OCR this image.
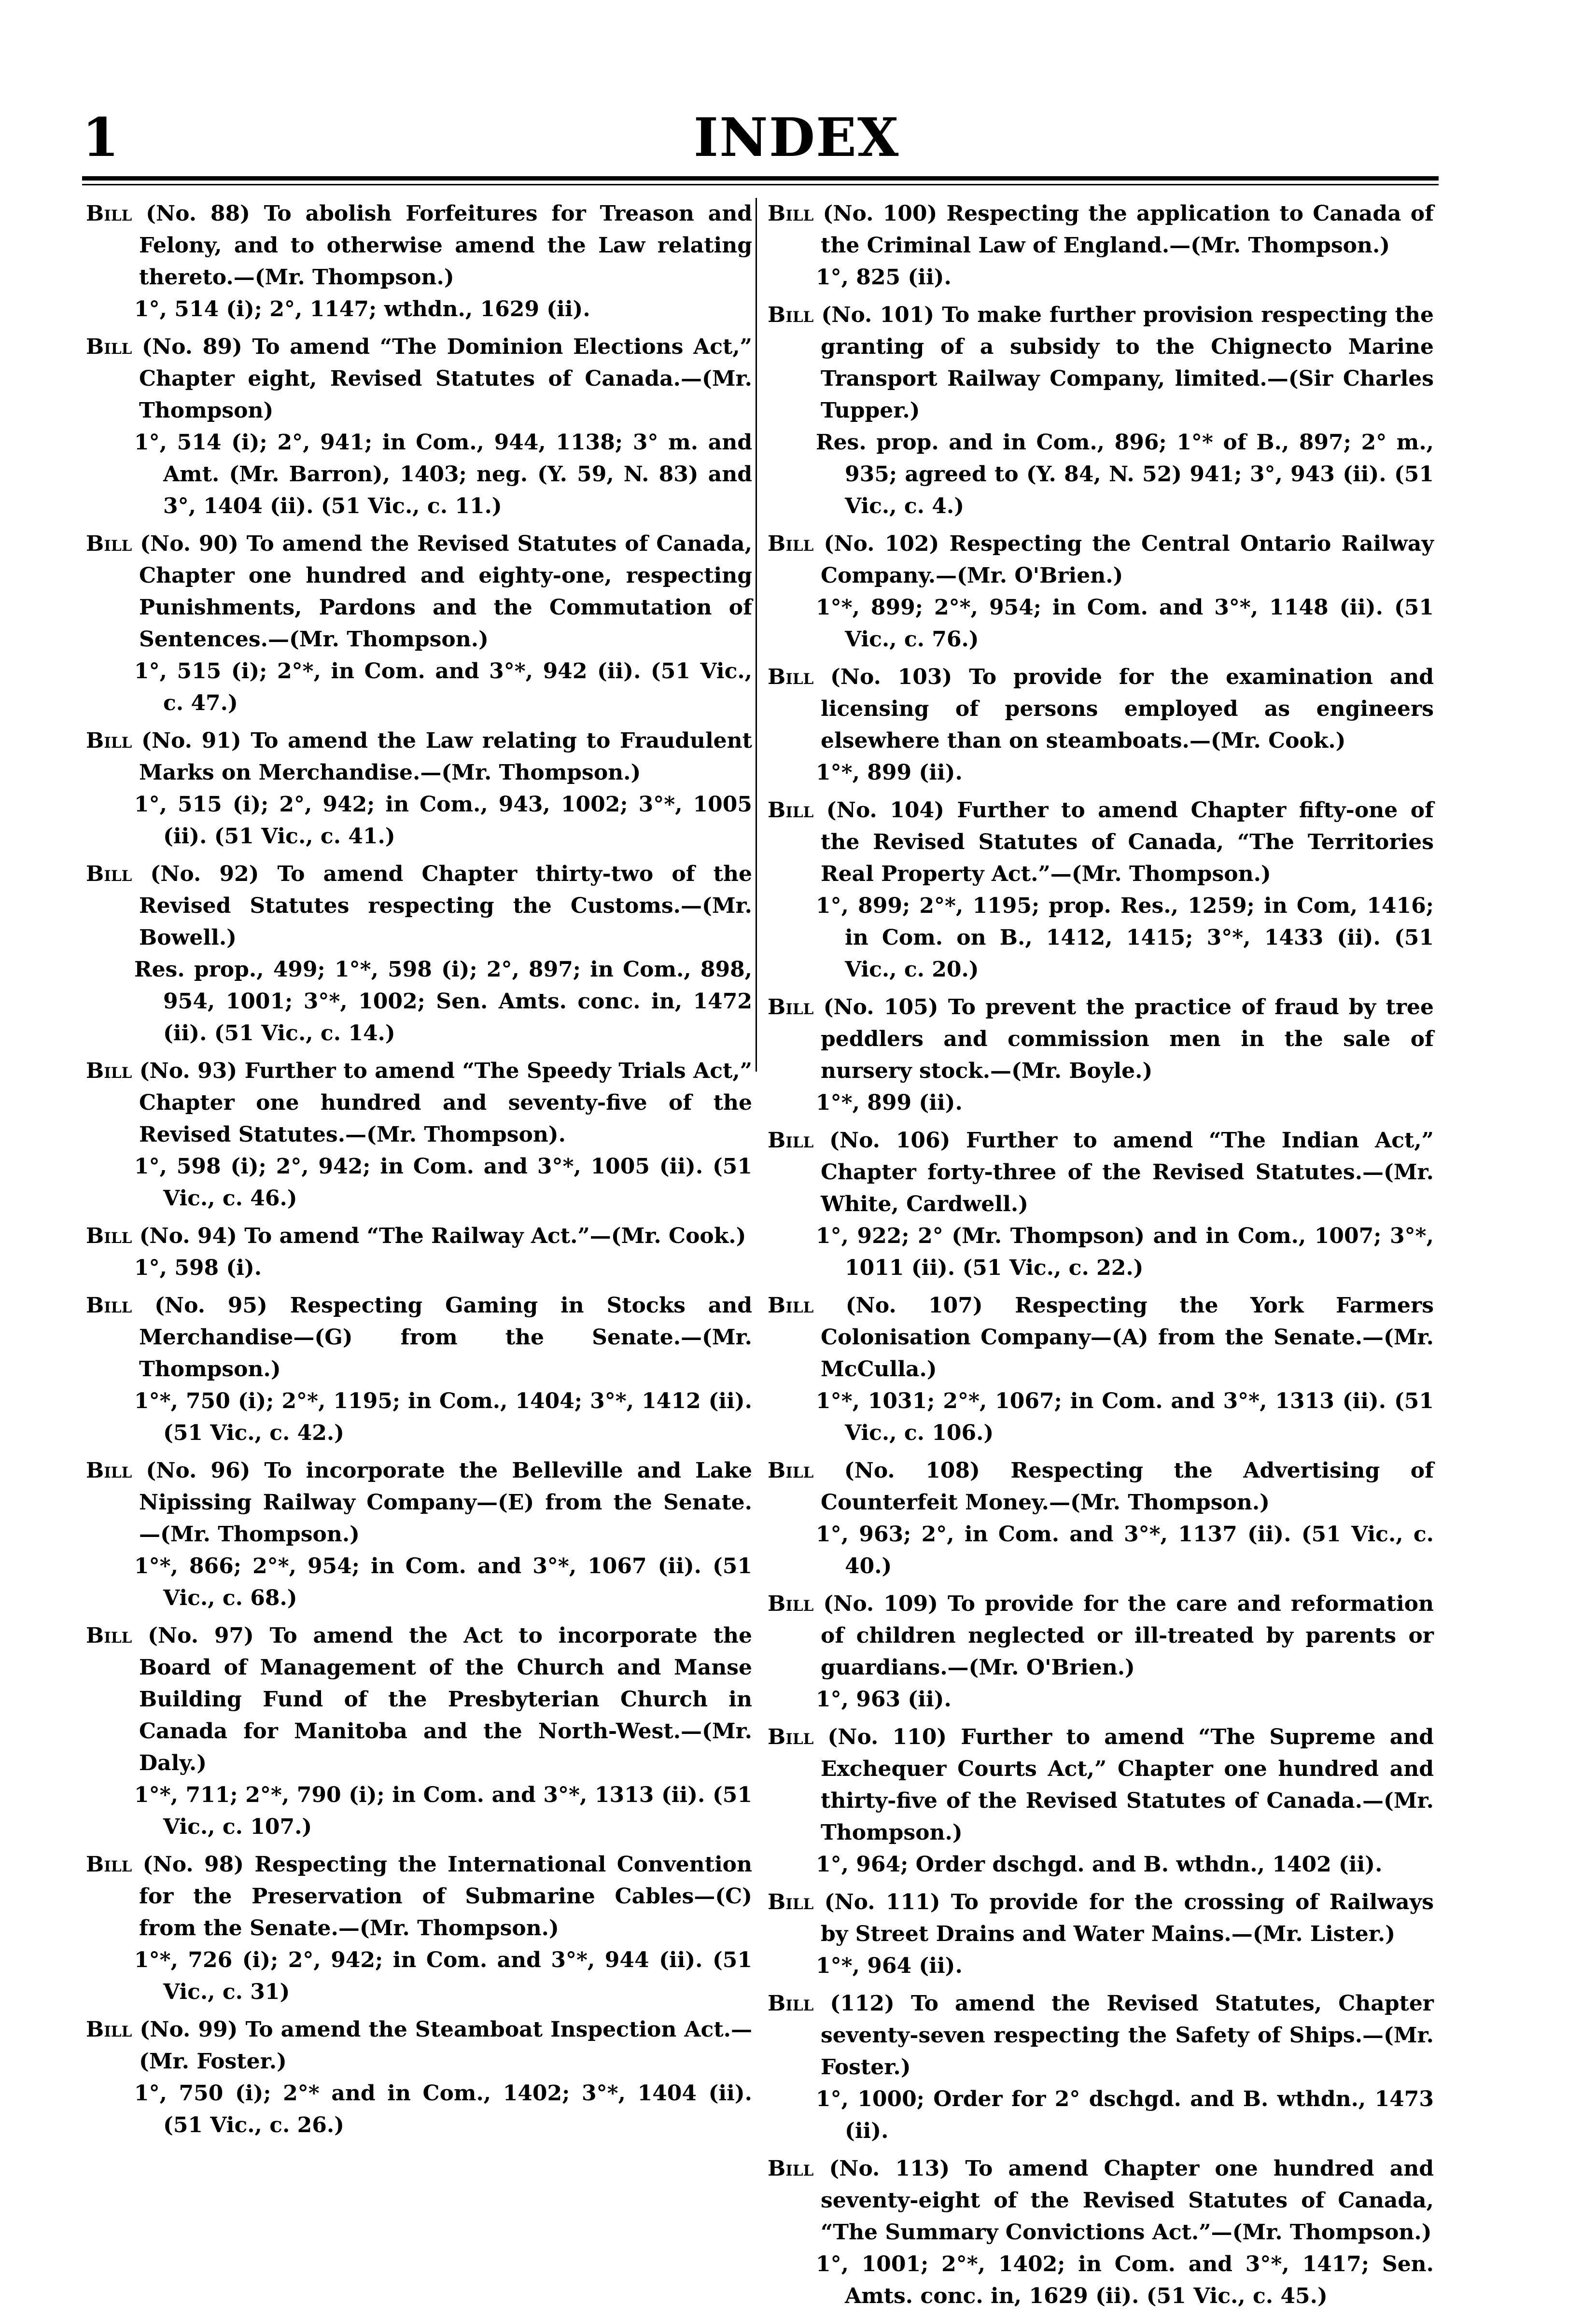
1	INDEX
Bill (No. 88) To abolish Forfeitures for Treason and Felony, and to otherwise amend the Law relating thereto.—(Mr. Thompson.)
1°, 514 (i); 2°, 1147; wthdn., 1629 (ii).
Bill (No. 89) To amend “The Dominion Elections Act,” Chapter eight, Revised Statutes of Canada.—(Mr. Thompson)
1°, 514 (i); 2°, 941; in Com., 944, 1138; 3° m. and Amt. (Mr. Barron), 1403; neg. (Y. 59, N. 83) and 3°, 1404 (ii). (51 Vic., c. 11.)
Bill (No. 90) To amend the Revised Statutes of Canada, Chapter one hundred and eighty-one, respecting Punishments, Pardons and the Commutation of Sentences.—(Mr. Thompson.)
1°, 515 (i); 2°*, in Com. and 3°*, 942 (ii). (51 Vic., c. 47.)
Bill (No. 91) To amend the Law relating to Fraudulent Marks on Merchandise.—(Mr. Thompson.)
1°, 515 (i); 2°, 942; in Com., 943, 1002; 3°*, 1005 (ii). (51 Vic., c. 41.)
Bill (No. 92) To amend Chapter thirty-two of the Revised Statutes respecting the Customs.—(Mr. Bowell.)
Res. prop., 499; 1°*, 598 (i); 2°, 897; in Com., 898, 954, 1001; 3°*, 1002; Sen. Amts. conc. in, 1472 (ii). (51 Vic., c. 14.)
Bill (No. 93) Further to amend “The Speedy Trials Act,” Chapter one hundred and seventy-five of the Revised Statutes.—(Mr. Thompson).
1°, 598 (i); 2°, 942; in Com. and 3°*, 1005 (ii). (51 Vic., c. 46.)
Bill (No. 94) To amend “The Railway Act.”—(Mr. Cook.)
1°, 598 (i).
Bill (No. 95) Respecting Gaming in Stocks and Merchandise—(G) from the Senate.—(Mr. Thompson.)
1°*, 750 (i); 2°*, 1195; in Com., 1404; 3°*, 1412 (ii). (51 Vic., c. 42.)
Bill (No. 96) To incorporate the Belleville and Lake Nipissing Railway Company—(E) from the Senate.—(Mr. Thompson.)
1°*, 866; 2°*, 954; in Com. and 3°*, 1067 (ii). (51 Vic., c. 68.)
Bill (No. 97) To amend the Act to incorporate the Board of Management of the Church and Manse Building Fund of the Presbyterian Church in Canada for Manitoba and the North-West.—(Mr. Daly.)
1°*, 711; 2°*, 790 (i); in Com. and 3°*, 1313 (ii). (51 Vic., c. 107.)
Bill (No. 98) Respecting the International Convention for the Preservation of Submarine Cables—(C) from the Senate.—(Mr. Thompson.)
1°*, 726 (i); 2°, 942; in Com. and 3°*, 944 (ii). (51 Vic., c. 31)
Bill (No. 99) To amend the Steamboat Inspection Act.—(Mr. Foster.)
1°, 750 (i); 2°* and in Com., 1402; 3°*, 1404 (ii). (51 Vic., c. 26.)
Bill (No. 100) Respecting the application to Canada of the Criminal Law of England.—(Mr. Thompson.)
1°, 825 (ii).
Bill (No. 101) To make further provision respecting the granting of a subsidy to the Chignecto Marine Transport Railway Company, limited.—(Sir Charles Tupper.)
Res. prop. and in Com., 896; 1°* of B., 897; 2° m., 935; agreed to (Y. 84, N. 52) 941; 3°, 943 (ii). (51 Vic., c. 4.)
Bill (No. 102) Respecting the Central Ontario Railway Company.—(Mr. O'Brien.)
1°*, 899; 2°*, 954; in Com. and 3°*, 1148 (ii). (51 Vic., c. 76.)
Bill (No. 103) To provide for the examination and licensing of persons employed as engineers elsewhere than on steamboats.—(Mr. Cook.)
1°*, 899 (ii).
Bill (No. 104) Further to amend Chapter fifty-one of the Revised Statutes of Canada, “The Territories Real Property Act.”—(Mr. Thompson.)
1°, 899; 2°*, 1195; prop. Res., 1259; in Com, 1416; in Com. on B., 1412, 1415; 3°*, 1433 (ii). (51 Vic., c. 20.)
Bill (No. 105) To prevent the practice of fraud by tree peddlers and commission men in the sale of nursery stock.—(Mr. Boyle.)
1°*, 899 (ii).
Bill (No. 106) Further to amend “The Indian Act,” Chapter forty-three of the Revised Statutes.—(Mr. White, Cardwell.)
1°, 922; 2° (Mr. Thompson) and in Com., 1007; 3°*, 1011 (ii). (51 Vic., c. 22.)
Bill (No. 107) Respecting the York Farmers Colonisation Company—(A) from the Senate.—(Mr. McCulla.)
1°*, 1031; 2°*, 1067; in Com. and 3°*, 1313 (ii). (51 Vic., c. 106.)
Bill (No. 108) Respecting the Advertising of Counterfeit Money.—(Mr. Thompson.)
1°, 963; 2°, in Com. and 3°*, 1137 (ii). (51 Vic., c. 40.)
Bill (No. 109) To provide for the care and reformation of children neglected or ill-treated by parents or guardians.—(Mr. O'Brien.)
1°, 963 (ii).
Bill (No. 110) Further to amend “The Supreme and Exchequer Courts Act,” Chapter one hundred and thirty-five of the Revised Statutes of Canada.—(Mr. Thompson.)
1°, 964; Order dschgd. and B. wthdn., 1402 (ii).
Bill (No. 111) To provide for the crossing of Railways by Street Drains and Water Mains.—(Mr. Lister.)
1°*, 964 (ii).
Bill (112) To amend the Revised Statutes, Chapter seventy-seven respecting the Safety of Ships.—(Mr. Foster.)
1°, 1000; Order for 2° dschgd. and B. wthdn., 1473 (ii).
Bill (No. 113) To amend Chapter one hundred and seventy-eight of the Revised Statutes of Canada, “The Summary Convictions Act.”—(Mr. Thompson.)
1°, 1001; 2°*, 1402; in Com. and 3°*, 1417; Sen. Amts. conc. in, 1629 (ii). (51 Vic., c. 45.)
